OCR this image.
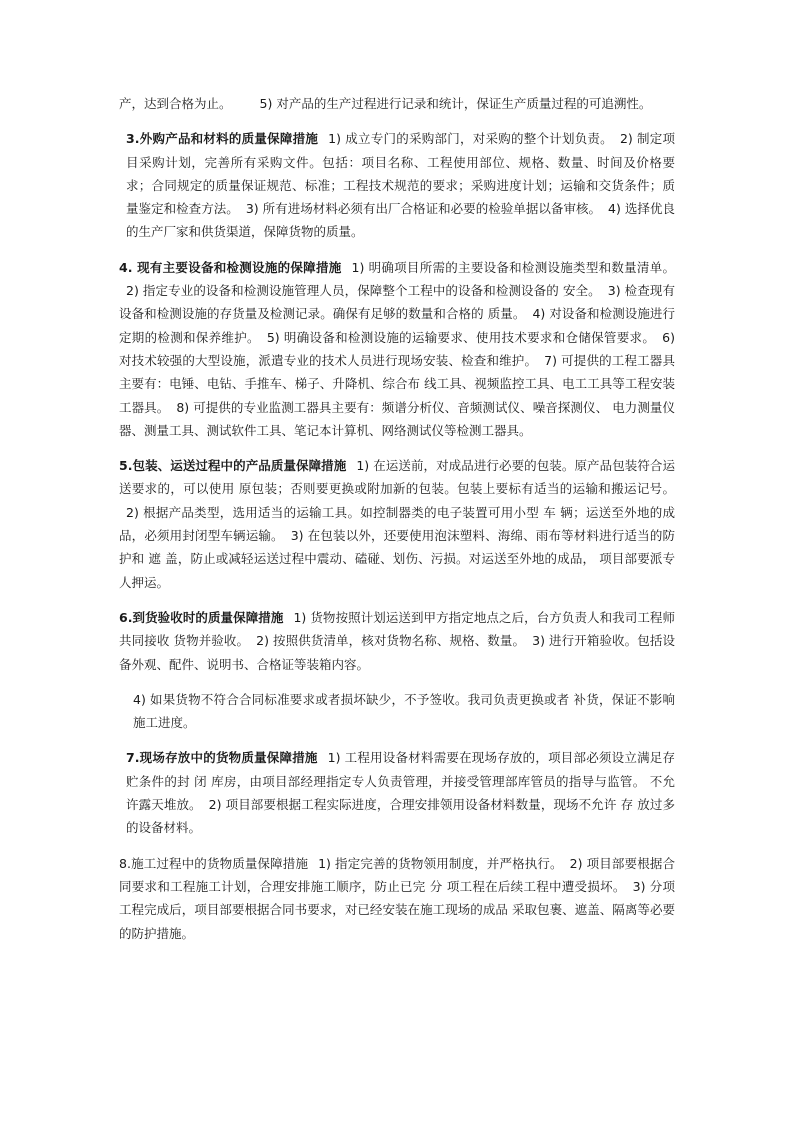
产，达到合格为止。 5) 对产品的生产过程进行记录和统计，保证生产质量过程的可追溯性。

3.外购产品和材料的质量保障措施 1) 成立专门的采购部门，对采购的整个计划负责。 2) 制定项目采购计划，完善所有采购文件。包括：项目名称、工程使用部位、规格、数量、时间及价格要求；合同规定的质量保证规范、标准；工程技术规范的要求；采购进度计划；运输和交货条件；质量鉴定和检查方法。 3) 所有进场材料必须有出厂合格证和必要的检验单据以备审核。 4) 选择优良的生产厂家和供货渠道，保障货物的质量。

4. 现有主要设备和检测设施的保障措施 1) 明确项目所需的主要设备和检测设施类型和数量清单。2) 指定专业的设备和检测设施管理人员，保障整个工程中的设备和检测设备的 安全。 3) 检查现有设备和检测设施的存货量及检测记录。确保有足够的数量和合格的 质量。 4) 对设备和检测设施进行定期的检测和保养维护。 5) 明确设备和检测设施的运输要求、使用技术要求和仓储保管要求。 6) 对技术较强的大型设施，派遣专业的技术人员进行现场安装、检查和维护。 7) 可提供的工程工器具主要有：电锤、电钻、手推车、梯子、升降机、综合布 线工具、视频监控工具、电工工具等工程安装工器具。 8) 可提供的专业监测工器具主要有：频谱分析仪、音频测试仪、噪音探测仪、 电力测量仪器、测量工具、测试软件工具、笔记本计算机、网络测试仪等检测工器具。

5.包装、运送过程中的产品质量保障措施 1) 在运送前，对成品进行必要的包装。原产品包装符合运送要求的，可以使用 原包装；否则要更换或附加新的包装。包装上要标有适当的运输和搬运记号。2) 根据产品类型，选用适当的运输工具。如控制器类的电子装置可用小型 车 辆；运送至外地的成品，必须用封闭型车辆运输。 3) 在包装以外，还要使用泡沫塑料、海绵、雨布等材料进行适当的防护和 遮 盖，防止或减轻运送过程中震动、磕碰、划伤、污损。对运送至外地的成品， 项目部要派专人押运。

6.到货验收时的质量保障措施 1) 货物按照计划运送到甲方指定地点之后，台方负责人和我司工程师共同接收 货物并验收。 2) 按照供货清单，核对货物名称、规格、数量。 3) 进行开箱验收。包括设备外观、配件、说明书、合格证等装箱内容。

4) 如果货物不符合合同标准要求或者损坏缺少，不予签收。我司负责更换或者 补货，保证不影响施工进度。

7.现场存放中的货物质量保障措施 1) 工程用设备材料需要在现场存放的，项目部必须设立满足存贮条件的封 闭 库房，由项目部经理指定专人负责管理，并接受管理部库管员的指导与监管。 不允许露天堆放。 2) 项目部要根据工程实际进度，合理安排领用设备材料数量，现场不允许 存 放过多的设备材料。

8.施工过程中的货物质量保障措施 1) 指定完善的货物领用制度，并严格执行。 2) 项目部要根据合同要求和工程施工计划，合理安排施工顺序，防止已完 分 项工程在后续工程中遭受损坏。 3) 分项工程完成后，项目部要根据合同书要求，对已经安装在施工现场的成品 采取包裹、遮盖、隔离等必要的防护措施。
